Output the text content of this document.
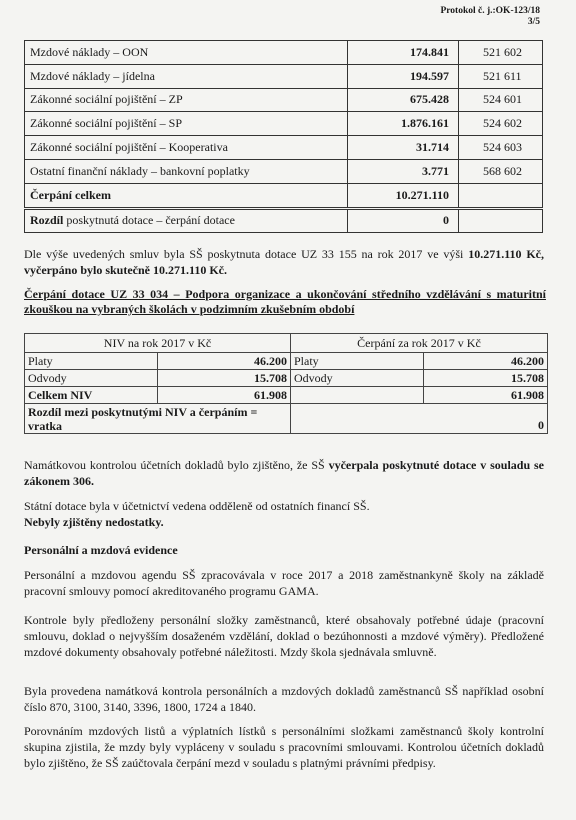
Protokol č. j.:OK-123/18
3/5
Mzdové náklady – OON	174.841	521 602
Mzdové náklady – jídelna	194.597	521 611
Zákonné sociální pojištění – ZP	675.428	524 601
Zákonné sociální pojištění – SP	1.876.161	524 602
Zákonné sociální pojištění – Kooperativa	31.714	524 603
Ostatní finanční náklady – bankovní poplatky	3.771	568 602
Čerpání celkem	10.271.110	
Rozdíl poskytnutá dotace – čerpání dotace	0	
Dle výše uvedených smluv byla SŠ poskytnuta dotace UZ 33 155 na rok 2017 ve výši 10.271.110 Kč, vyčerpáno bylo skutečně 10.271.110 Kč.
Čerpání dotace UZ 33 034 – Podpora organizace a ukončování středního vzdělávání s maturitní zkouškou na vybraných školách v podzimním zkušebním období
NIV na rok 2017 v Kč		Čerpání za rok 2017 v Kč	
Platy	46.200	Platy	46.200
Odvody	15.708	Odvody	15.708
Celkem NIV	61.908		61.908
Rozdíl mezi poskytnutými NIV a čerpáním = vratka		0	
Namátkovou kontrolou účetních dokladů bylo zjištěno, že SŠ vyčerpala poskytnuté dotace v souladu se zákonem 306.
Státní dotace byla v účetnictví vedena odděleně od ostatních financí SŠ.
Nebyly zjištěny nedostatky.
Personální a mzdová evidence
Personální a mzdovou agendu SŠ zpracovávala v roce 2017 a 2018 zaměstnankyně školy na základě pracovní smlouvy pomocí akreditovaného programu GAMA.
Kontrole byly předloženy personální složky zaměstnanců, které obsahovaly potřebné údaje (pracovní smlouvu, doklad o nejvyšším dosaženém vzdělání, doklad o bezúhonnosti a mzdové výměry). Předložené mzdové dokumenty obsahovaly potřebné náležitosti. Mzdy škola sjednávala smluvně.
Byla provedena namátková kontrola personálních a mzdových dokladů zaměstnanců SŠ například osobní číslo 870, 3100, 3140, 3396, 1800, 1724 a 1840.
Porovnáním mzdových listů a výplatních lístků s personálními složkami zaměstnanců školy kontrolní skupina zjistila, že mzdy byly vypláceny v souladu s pracovními smlouvami. Kontrolou účetních dokladů bylo zjištěno, že SŠ zaúčtovala čerpání mezd v souladu s platnými právními předpisy.
